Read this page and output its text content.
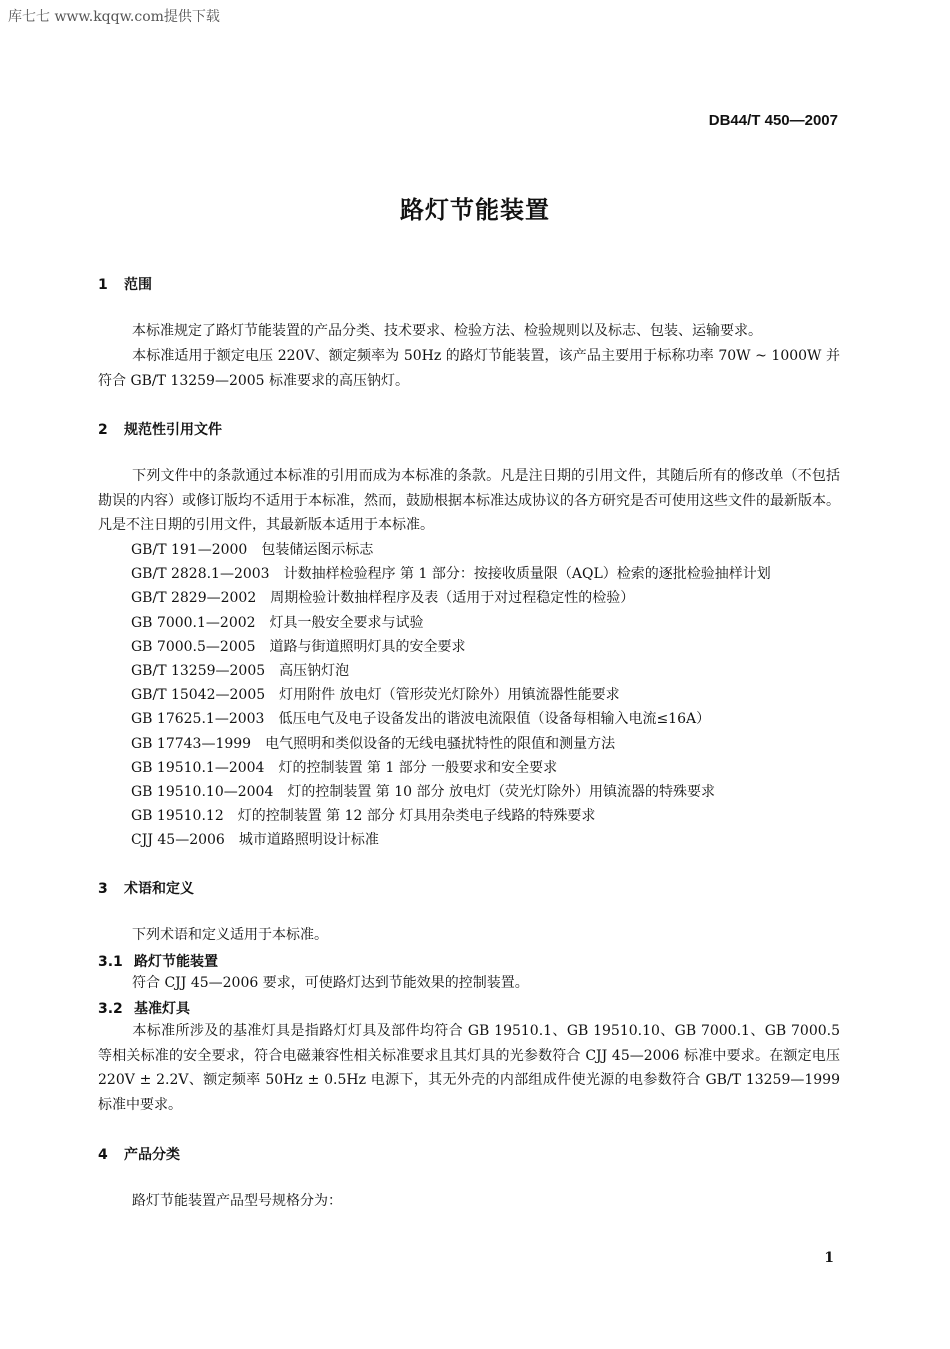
库七七 www.kqqw.com提供下载
DB44/T 450—2007
路灯节能装置
1 范围
本标准规定了路灯节能装置的产品分类、技术要求、检验方法、检验规则以及标志、包装、运输要求。
本标准适用于额定电压 220V、额定频率为 50Hz 的路灯节能装置，该产品主要用于标称功率 70W ~ 1000W 并符合 GB/T 13259—2005 标准要求的高压钠灯。
2 规范性引用文件
下列文件中的条款通过本标准的引用而成为本标准的条款。凡是注日期的引用文件，其随后所有的修改单（不包括勘误的内容）或修订版均不适用于本标准，然而，鼓励根据本标准达成协议的各方研究是否可使用这些文件的最新版本。凡是不注日期的引用文件，其最新版本适用于本标准。
GB/T 191—2000 包装储运图示标志
GB/T 2828.1—2003 计数抽样检验程序 第 1 部分：按接收质量限（AQL）检索的逐批检验抽样计划
GB/T 2829—2002 周期检验计数抽样程序及表（适用于对过程稳定性的检验）
GB 7000.1—2002 灯具一般安全要求与试验
GB 7000.5—2005 道路与街道照明灯具的安全要求
GB/T 13259—2005 高压钠灯泡
GB/T 15042—2005 灯用附件 放电灯（管形荧光灯除外）用镇流器性能要求
GB 17625.1—2003 低压电气及电子设备发出的谐波电流限值（设备每相输入电流≤16A）
GB 17743—1999 电气照明和类似设备的无线电骚扰特性的限值和测量方法
GB 19510.1—2004 灯的控制装置 第 1 部分 一般要求和安全要求
GB 19510.10—2004 灯的控制装置 第 10 部分 放电灯（荧光灯除外）用镇流器的特殊要求
GB 19510.12 灯的控制装置 第 12 部分 灯具用杂类电子线路的特殊要求
CJJ 45—2006 城市道路照明设计标准
3 术语和定义
下列术语和定义适用于本标准。
3.1 路灯节能装置
符合 CJJ 45—2006 要求，可使路灯达到节能效果的控制装置。
3.2 基准灯具
本标准所涉及的基准灯具是指路灯灯具及部件均符合 GB 19510.1、GB 19510.10、GB 7000.1、GB 7000.5 等相关标准的安全要求，符合电磁兼容性相关标准要求且其灯具的光参数符合 CJJ 45—2006 标准中要求。在额定电压 220V ± 2.2V、额定频率 50Hz ± 0.5Hz 电源下，其无外壳的内部组成件使光源的电参数符合 GB/T 13259—1999 标准中要求。
4 产品分类
路灯节能装置产品型号规格分为：
1
